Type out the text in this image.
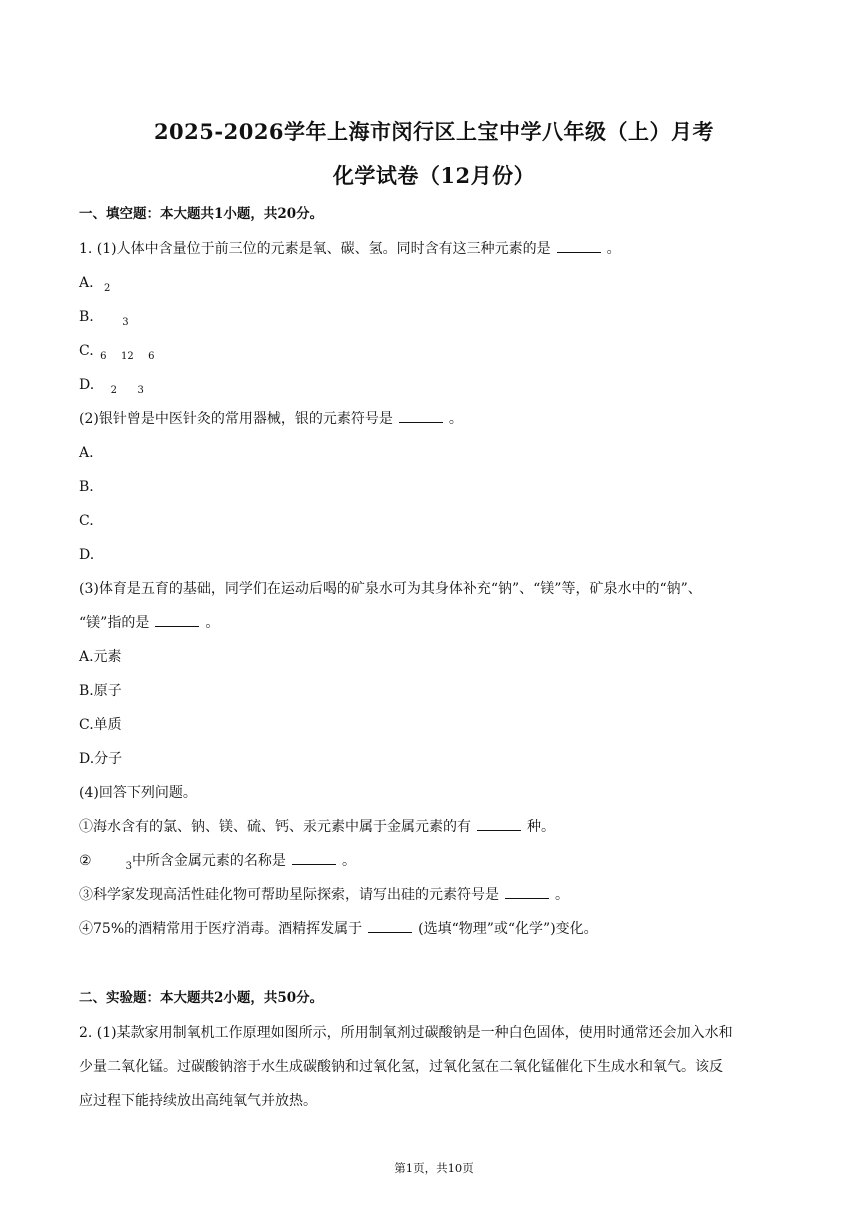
2025-2026学年上海市闵行区上宝中学八年级（上）月考
化学试卷（12月份）
一、填空题：本大题共1小题，共20分。
1. (1)人体中含量位于前三位的元素是氧、碳、氢。同时含有这三种元素的是	。
A. $_2$
B.	$_3$
C. $_6$ $_{12}$ $_6$
D. $_2$ $_3$
(2)银针曾是中医针灸的常用器械，银的元素符号是	。
A.
B.
C.
D.
(3)体育是五育的基础，同学们在运动后喝的矿泉水可为其身体补充“钠”、“镁”等，矿泉水中的“钠”、
“镁”指的是	。
A.元素
B.原子
C.单质
D.分子
(4)回答下列问题。
①海水含有的氯、钠、镁、硫、钙、汞元素中属于金属元素的有	种。
②	$_3$中所含金属元素的名称是	。
③科学家发现高活性硅化物可帮助星际探索，请写出硅的元素符号是	。
④75%的酒精常用于医疗消毒。酒精挥发属于	(选填“物理”或“化学”)变化。
二、实验题：本大题共2小题，共50分。
2. (1)某款家用制氧机工作原理如图所示，所用制氧剂过碳酸钠是一种白色固体，使用时通常还会加入水和
少量二氧化锰。过碳酸钠溶于水生成碳酸钠和过氧化氢，过氧化氢在二氧化锰催化下生成水和氧气。该反
应过程下能持续放出高纯氧气并放热。
第1页，共10页
